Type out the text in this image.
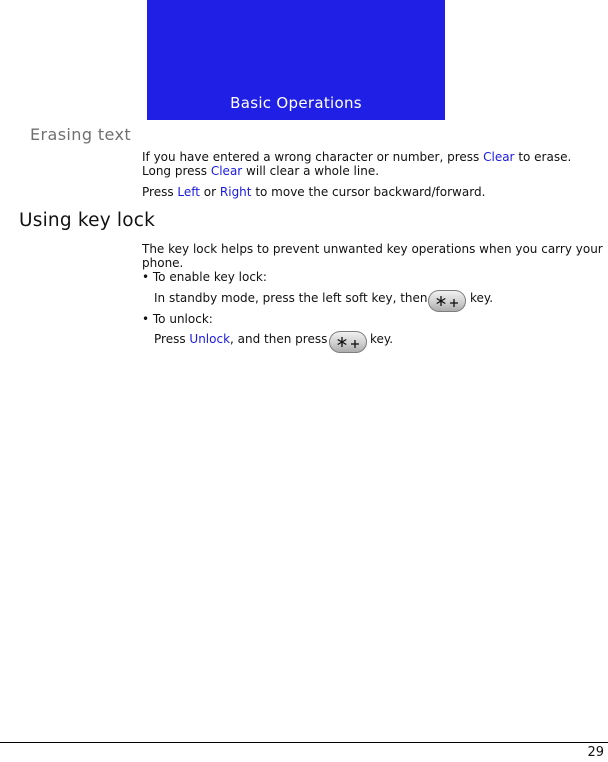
Basic Operations
Erasing text
If you have entered a wrong character or number, press Clear to erase. Long press Clear will clear a whole line.
Press Left or Right to move the cursor backward/forward.
Using key lock
The key lock helps to prevent unwanted key operations when you carry your phone.
• To enable key lock:
In standby mode, press the left soft key, then	key.
• To unlock:
Press Unlock, and then press	key.
29
